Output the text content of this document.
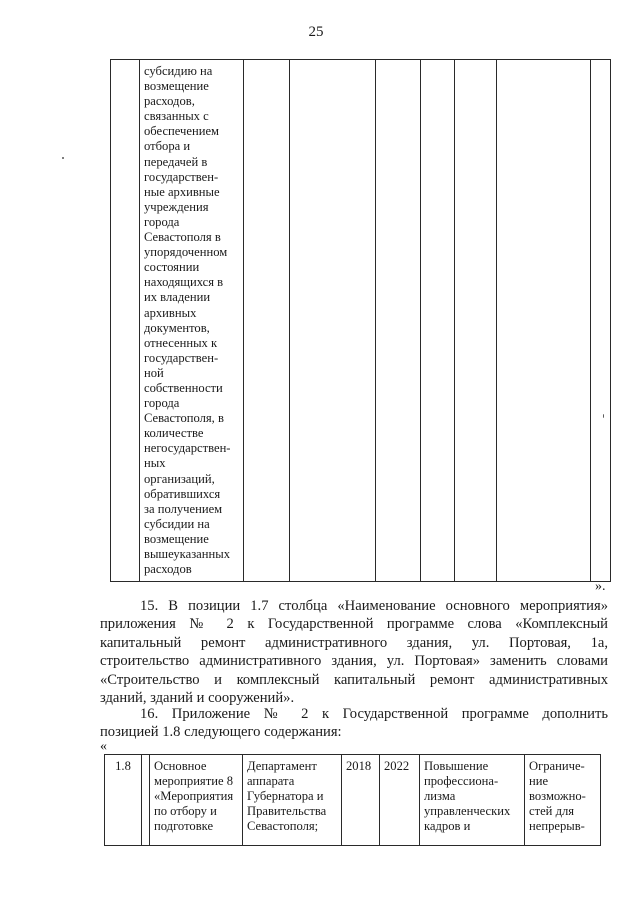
25
	субсидию на
возмещение
расходов,
связанных с
обеспечением
отбора и
передачей в
государствен-
ные архивные
учреждения
города
Севастополя в
упорядоченном
состоянии
находящихся в
их владении
архивных
документов,
отнесенных к
государствен-
ной
собственности
города
Севастополя, в
количестве
негосударствен-
ных
организаций,
обратившихся
за получением
субсидии на
возмещение
вышеуказанных
расходов							
».
15. В позиции 1.7 столбца «Наименование основного мероприятия»
приложения № 2 к Государственной программе слова «Комплексный
капитальный ремонт административного здания, ул. Портовая, 1а,
строительство административного здания, ул. Портовая» заменить словами
«Строительство и комплексный капитальный ремонт административных
зданий, зданий и сооружений».
16. Приложение № 2 к Государственной программе дополнить
позицией 1.8 следующего содержания:
«
1.8		Основное
мероприятие 8
«Мероприятия
по отбору и
подготовке	Департамент
аппарата
Губернатора и
Правительства
Севастополя;	2018	2022	Повышение
профессиона-
лизма
управленческих
кадров и	Ограниче-
ние
возможно-
стей для
непрерыв-
